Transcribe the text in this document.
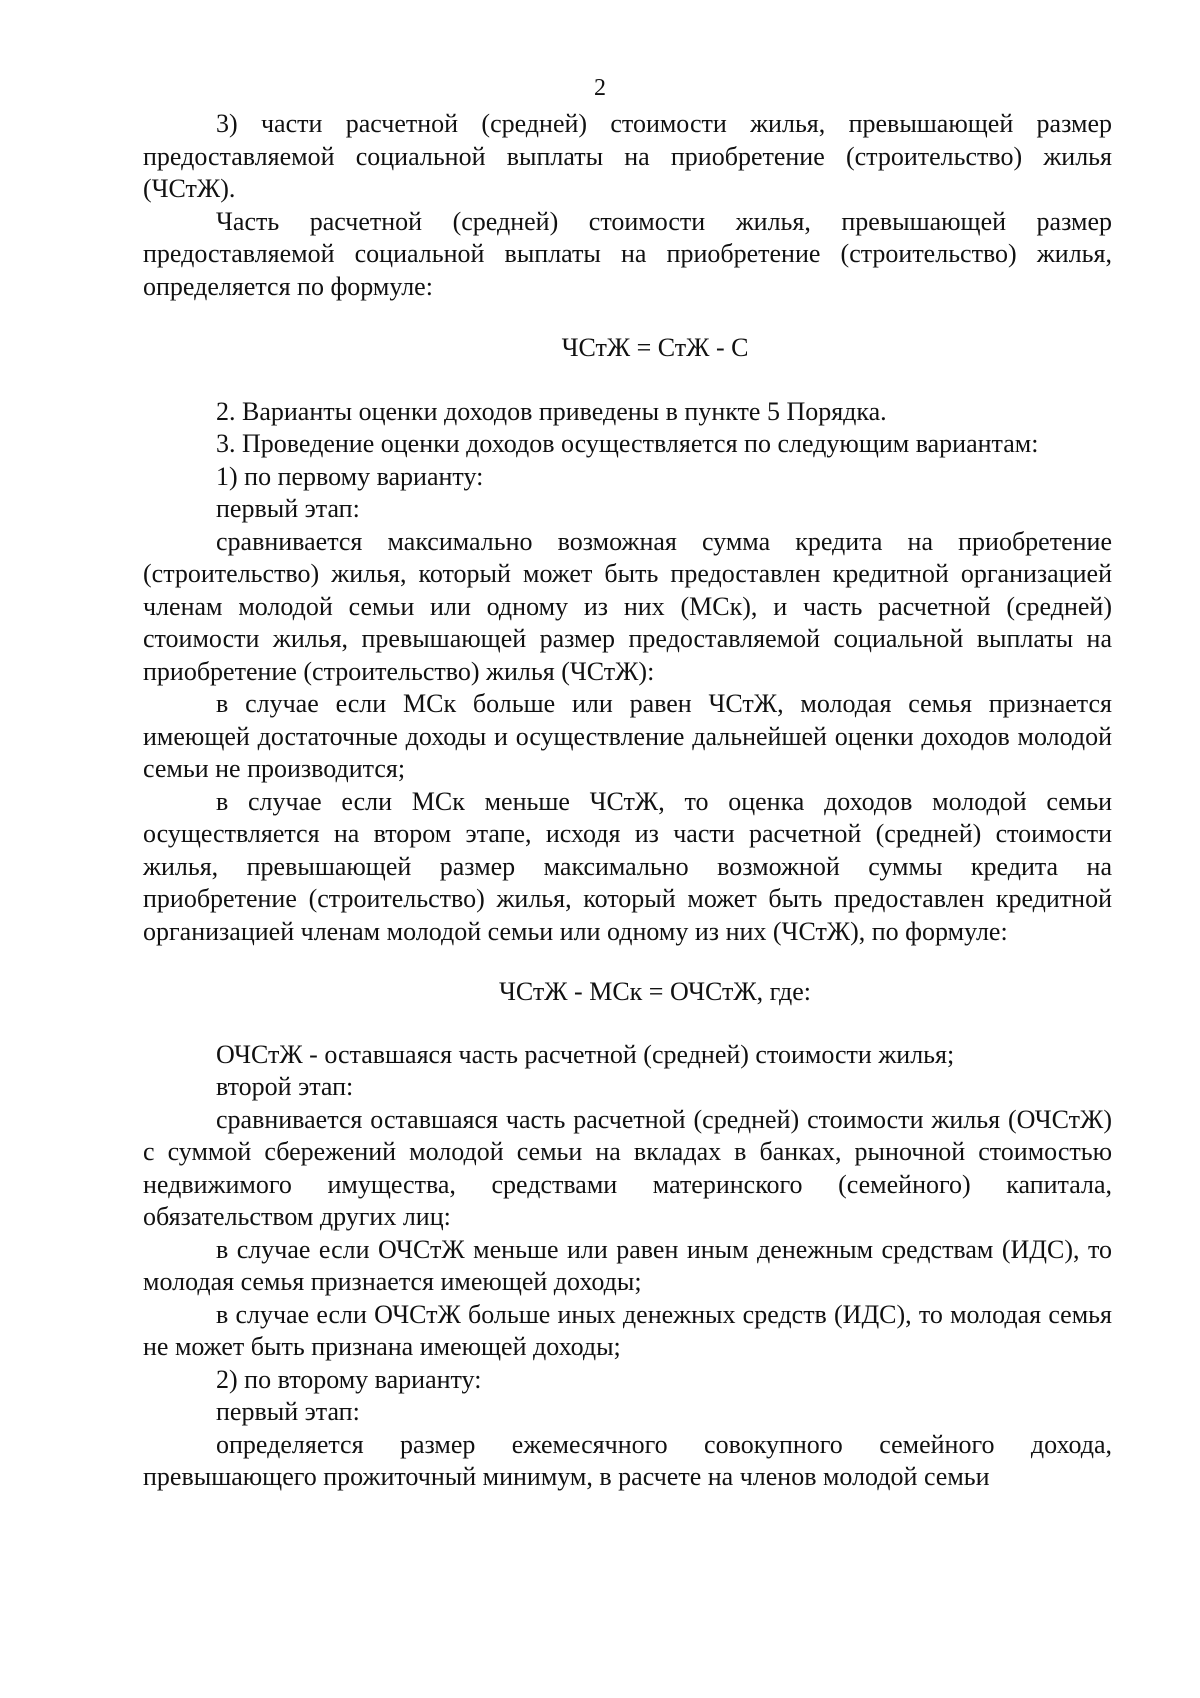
2

3) части расчетной (средней) стоимости жилья, превышающей размер предоставляемой социальной выплаты на приобретение (строительство) жилья (ЧСтЖ).

Часть расчетной (средней) стоимости жилья, превышающей размер предоставляемой социальной выплаты на приобретение (строительство) жилья, определяется по формуле:

ЧСтЖ = СтЖ - С

2. Варианты оценки доходов приведены в пункте 5 Порядка.

3. Проведение оценки доходов осуществляется по следующим вариантам:

1) по первому варианту:

первый этап:

сравнивается максимально возможная сумма кредита на приобретение (строительство) жилья, который может быть предоставлен кредитной организацией членам молодой семьи или одному из них (МСк), и часть расчетной (средней) стоимости жилья, превышающей размер предоставляемой социальной выплаты на приобретение (строительство) жилья (ЧСтЖ):

в случае если МСк больше или равен ЧСтЖ, молодая семья признается имеющей достаточные доходы и осуществление дальнейшей оценки доходов молодой семьи не производится;

в случае если МСк меньше ЧСтЖ, то оценка доходов молодой семьи осуществляется на втором этапе, исходя из части расчетной (средней) стоимости жилья, превышающей размер максимально возможной суммы кредита на приобретение (строительство) жилья, который может быть предоставлен кредитной организацией членам молодой семьи или одному из них (ЧСтЖ), по формуле:

ЧСтЖ - МСк = ОЧСтЖ, где:

ОЧСтЖ - оставшаяся часть расчетной (средней) стоимости жилья;

второй этап:

сравнивается оставшаяся часть расчетной (средней) стоимости жилья (ОЧСтЖ) с суммой сбережений молодой семьи на вкладах в банках, рыночной стоимостью недвижимого имущества, средствами материнского (семейного) капитала, обязательством других лиц:

в случае если ОЧСтЖ меньше или равен иным денежным средствам (ИДС), то молодая семья признается имеющей доходы;

в случае если ОЧСтЖ больше иных денежных средств (ИДС), то молодая семья не может быть признана имеющей доходы;

2) по второму варианту:

первый этап:

определяется размер ежемесячного совокупного семейного дохода, превышающего прожиточный минимум, в расчете на членов молодой семьи
